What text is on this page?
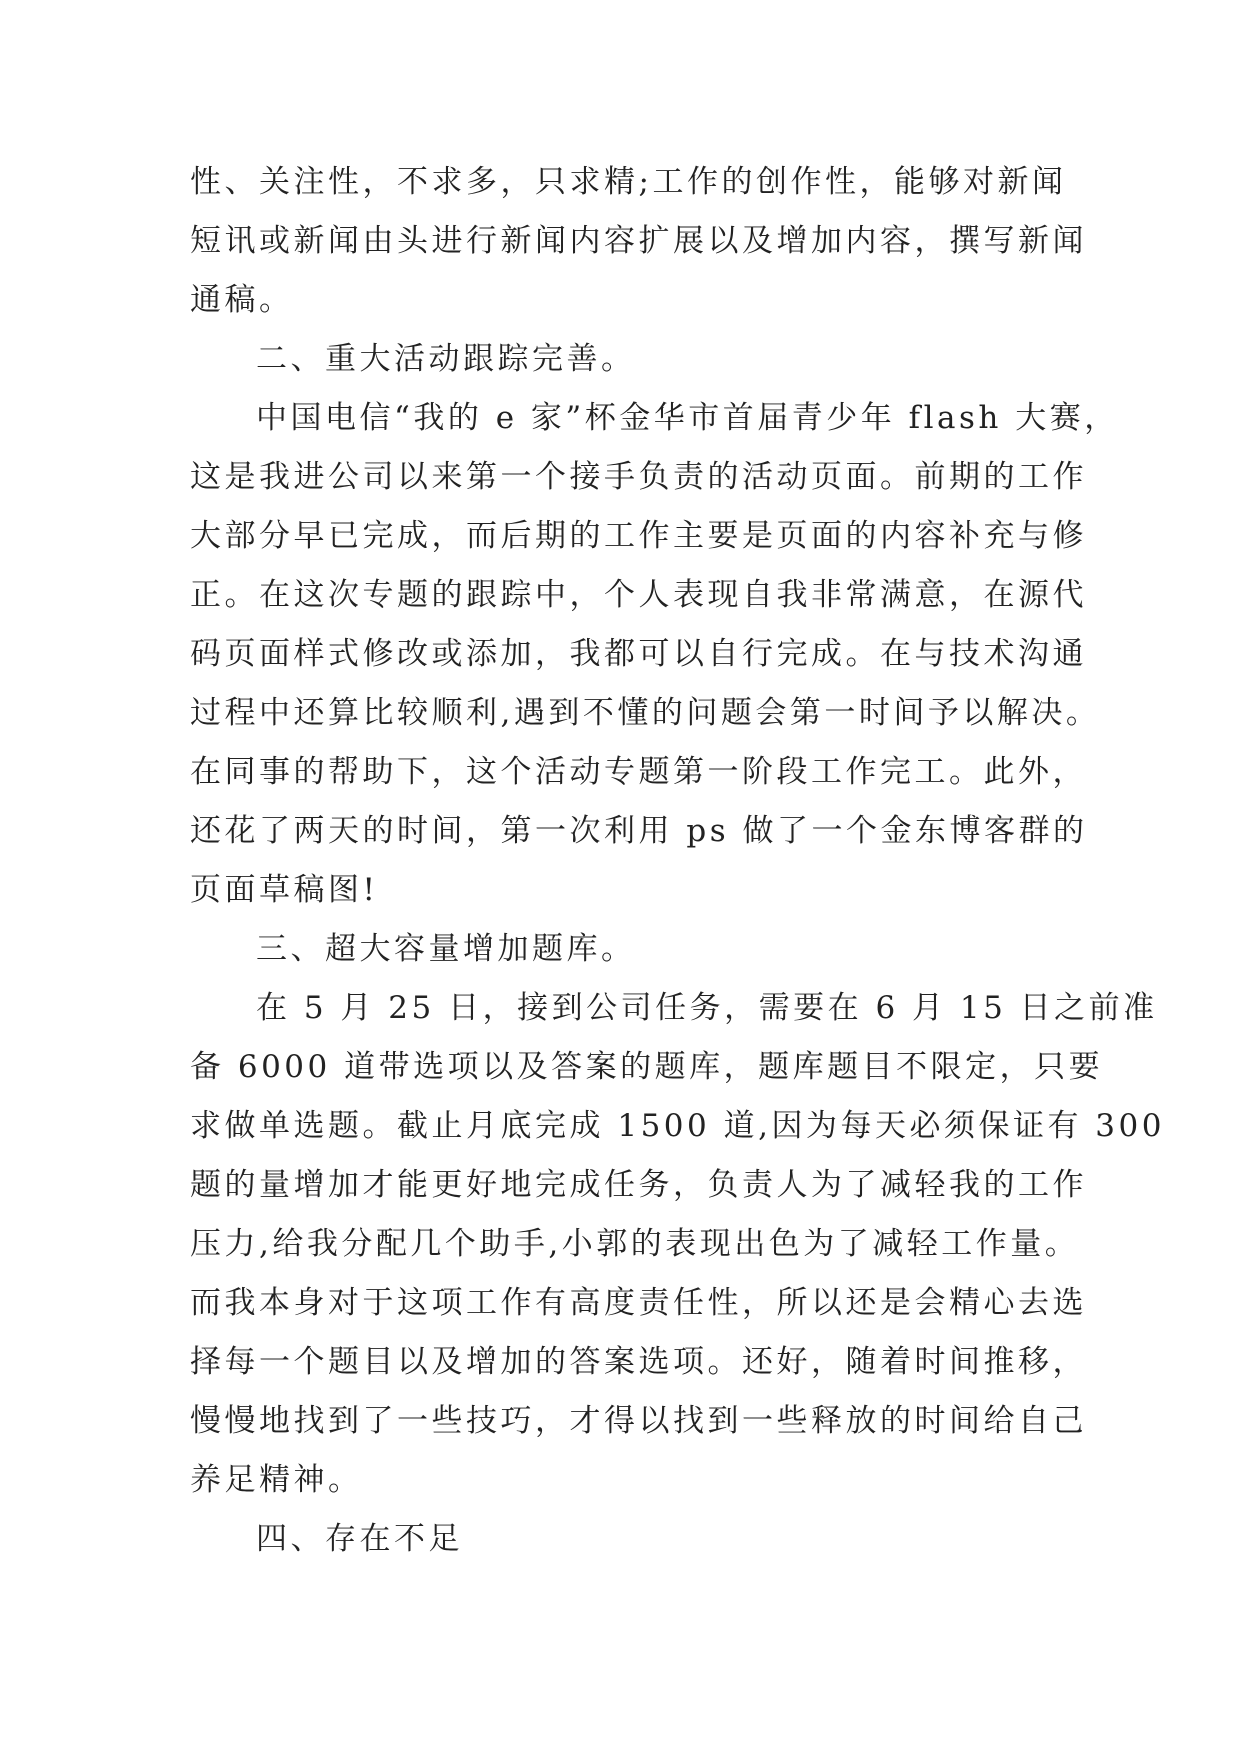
性、关注性，不求多，只求精;工作的创作性，能够对新闻
短讯或新闻由头进行新闻内容扩展以及增加内容，撰写新闻
通稿。
二、重大活动跟踪完善。
中国电信“我的 e 家”杯金华市首届青少年 flash 大赛，
这是我进公司以来第一个接手负责的活动页面。前期的工作
大部分早已完成，而后期的工作主要是页面的内容补充与修
正。在这次专题的跟踪中，个人表现自我非常满意，在源代
码页面样式修改或添加，我都可以自行完成。在与技术沟通
过程中还算比较顺利,遇到不懂的问题会第一时间予以解决。
在同事的帮助下，这个活动专题第一阶段工作完工。此外，
还花了两天的时间，第一次利用 ps 做了一个金东博客群的
页面草稿图!
三、超大容量增加题库。
在 5 月 25 日，接到公司任务，需要在 6 月 15 日之前准
备 6000 道带选项以及答案的题库，题库题目不限定，只要
求做单选题。截止月底完成 1500 道,因为每天必须保证有 300
题的量增加才能更好地完成任务，负责人为了减轻我的工作
压力,给我分配几个助手,小郭的表现出色为了减轻工作量。
而我本身对于这项工作有高度责任性，所以还是会精心去选
择每一个题目以及增加的答案选项。还好，随着时间推移，
慢慢地找到了一些技巧，才得以找到一些释放的时间给自己
养足精神。
四、存在不足
